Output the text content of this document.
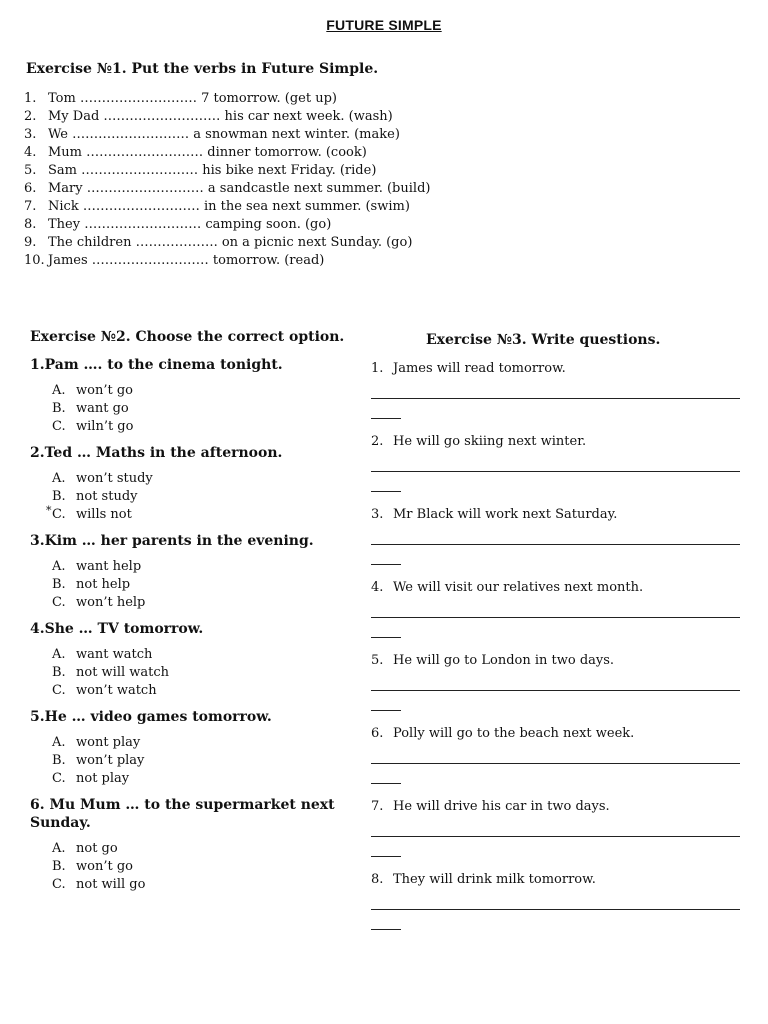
FUTURE SIMPLE
Exercise №1. Put the verbs in Future Simple.
1. Tom ……………………… 7 tomorrow. (get up)
2. My Dad ……………………… his car next week. (wash)
3. We ……………………… a snowman next winter. (make)
4. Mum ……………………… dinner tomorrow. (cook)
5. Sam ……………………… his bike next Friday. (ride)
6. Mary ……………………… a sandcastle next summer. (build)
7. Nick ……………………… in the sea next summer. (swim)
8. They ……………………… camping soon. (go)
9. The children ………………. on a picnic next Sunday. (go)
10. James ……………………… tomorrow. (read)
Exercise №2. Choose the correct option.
1.Pam …. to the cinema tonight.
A. won’t go
B. want go
C. wiln’t go
2.Ted … Maths in the afternoon.
A. won’t study
B. not study
* C. wills not
3.Kim … her parents in the evening.
A. want help
B. not help
C. won’t help
4.She … TV tomorrow.
A. want watch
B. not will watch
C. won’t watch
5.He … video games tomorrow.
A. wont play
B. won’t play
C. not play
6. Mu Mum … to the supermarket next Sunday.
A. not go
B. won’t go
C. not will go
Exercise №3. Write questions.
1. James will read tomorrow.
2. He will go skiing next winter.
3. Mr Black will work next Saturday.
4. We will visit our relatives next month.
5. He will go to London in two days.
6. Polly will go to the beach next week.
7. He will drive his car in two days.
8. They will drink milk tomorrow.
